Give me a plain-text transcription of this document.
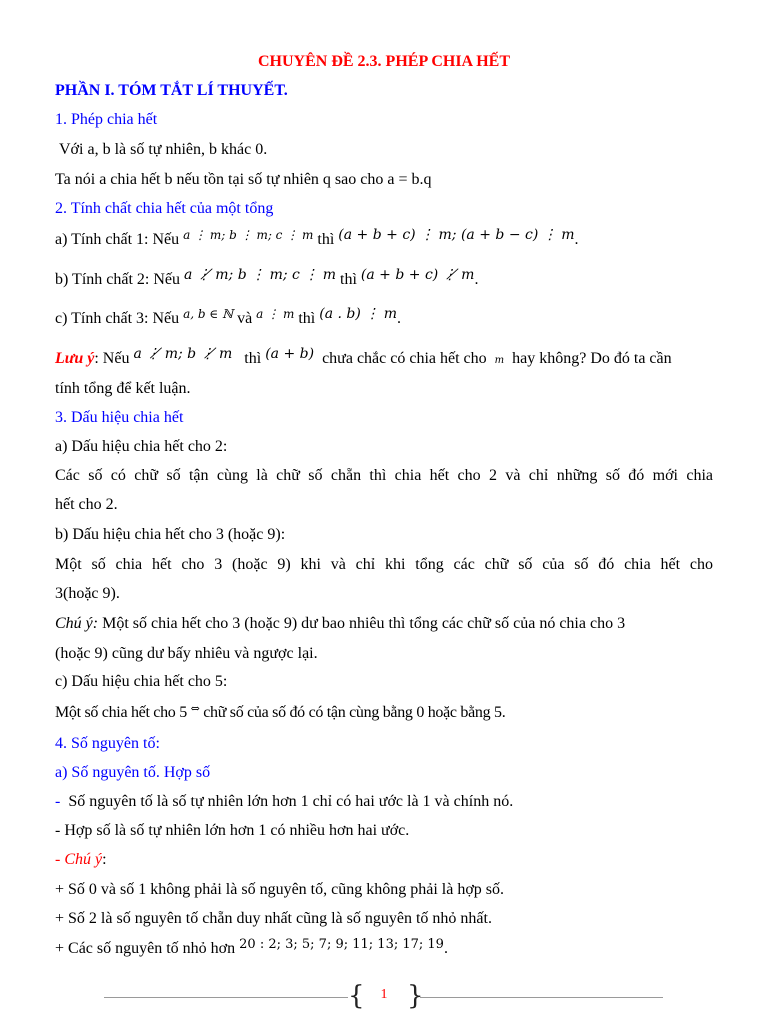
CHUYÊN ĐỀ 2.3. PHÉP CHIA HẾT
PHẦN I. TÓM TẮT LÍ THUYẾT.
1. Phép chia hết
Với a, b là số tự nhiên, b khác 0.
Ta nói a chia hết b nếu tồn tại số tự nhiên q sao cho a = b.q
2. Tính chất chia hết của một tổng
a) Tính chất 1: Nếu a ⋮ m; b ⋮ m; c ⋮ m thì (a + b + c) ⋮ m; (a + b − c) ⋮ m.
b) Tính chất 2: Nếu a ⋮̸ m; b ⋮ m; c ⋮ m thì (a + b + c) ⋮̸ m.
c) Tính chất 3: Nếu a, b ∈ ℕ và a ⋮ m thì (a . b) ⋮ m.
Lưu ý: Nếu a ⋮̸ m; b ⋮̸ m thì (a + b) chưa chắc có chia hết cho m hay không? Do đó ta cần
tính tổng để kết luận.
3. Dấu hiệu chia hết
a) Dấu hiệu chia hết cho 2:
Các số có chữ số tận cùng là chữ số chẵn thì chia hết cho 2 và chỉ những số đó mới chia
hết cho 2.
b) Dấu hiệu chia hết cho 3 (hoặc 9):
Một số chia hết cho 3 (hoặc 9) khi và chỉ khi tổng các chữ số của số đó chia hết cho
3(hoặc 9).
Chú ý: Một số chia hết cho 3 (hoặc 9) dư bao nhiêu thì tổng các chữ số của nó chia cho 3
(hoặc 9) cũng dư bấy nhiêu và ngược lại.
c) Dấu hiệu chia hết cho 5:
Một số chia hết cho 5 ⇔ chữ số của số đó có tận cùng bằng 0 hoặc bằng 5.
4. Số nguyên tố:
a) Số nguyên tố. Hợp số
- Số nguyên tố là số tự nhiên lớn hơn 1 chỉ có hai ước là 1 và chính nó.
- Hợp số là số tự nhiên lớn hơn 1 có nhiều hơn hai ước.
- Chú ý:
+ Số 0 và số 1 không phải là số nguyên tố, cũng không phải là hợp số.
+ Số 2 là số nguyên tố chẵn duy nhất cũng là số nguyên tố nhỏ nhất.
+ Các số nguyên tố nhỏ hơn 20 : 2; 3; 5; 7; 9; 11; 13; 17; 19.
{ }
1
